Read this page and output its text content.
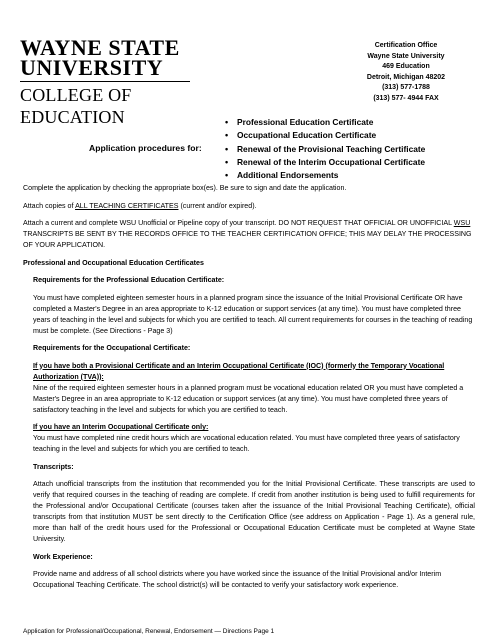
WAYNE STATE
UNIVERSITY
COLLEGE OF EDUCATION
Certification Office
Wayne State University
469 Education
Detroit, Michigan 48202
(313) 577-1788
(313) 577- 4944 FAX
Application procedures for:
• Professional Education Certificate
• Occupational Education Certificate
• Renewal of the Provisional Teaching Certificate
• Renewal of the Interim Occupational Certificate
• Additional Endorsements

Complete the application by checking the appropriate box(es). Be sure to sign and date the application.

Attach copies of ALL TEACHING CERTIFICATES (current and/or expired).

Attach a current and complete WSU Unofficial or Pipeline copy of your transcript. DO NOT REQUEST THAT OFFICIAL OR UNOFFICIAL WSU TRANSCRIPTS BE SENT BY THE RECORDS OFFICE TO THE TEACHER CERTIFICATION OFFICE; THIS MAY DELAY THE PROCESSING OF YOUR APPLICATION.

Professional and Occupational Education Certificates

Requirements for the Professional Education Certificate:

You must have completed eighteen semester hours in a planned program since the issuance of the Initial Provisional Certificate OR have completed a Master's Degree in an area appropriate to K-12 education or support services (at any time). You must have completed three years of teaching in the level and subjects for which you are certified to teach. All current requirements for courses in the teaching of reading must be complete. (See Directions - Page 3)

Requirements for the Occupational Certificate:

If you have both a Provisional Certificate and an Interim Occupational Certificate (IOC) (formerly the Temporary Vocational Authorization (TVA)):

Nine of the required eighteen semester hours in a planned program must be vocational education related OR you must have completed a Master's Degree in an area appropriate to K-12 education or support services (at any time). You must have completed three years of satisfactory teaching in the level and subjects for which you are certified to teach.

If you have an Interim Occupational Certificate only:

You must have completed nine credit hours which are vocational education related. You must have completed three years of satisfactory teaching in the level and subjects for which you are certified to teach.

Transcripts:

Attach unofficial transcripts from the institution that recommended you for the Initial Provisional Certificate. These transcripts are used to verify that required courses in the teaching of reading are complete. If credit from another institution is being used to fulfill requirements for the Professional and/or Occupational Certificate (courses taken after the issuance of the Initial Provisional Teaching Certificate), official transcripts from that institution MUST be sent directly to the Certification Office (see address on Application - Page 1). As a general rule, more than half of the credit hours used for the Professional or Occupational Education Certificate must be completed at Wayne State University.

Work Experience:

Provide name and address of all school districts where you have worked since the issuance of the Initial Provisional and/or Interim Occupational Teaching Certificate. The school district(s) will be contacted to verify your satisfactory work experience.

Application for Professional/Occupational, Renewal, Endorsement — Directions Page 1
